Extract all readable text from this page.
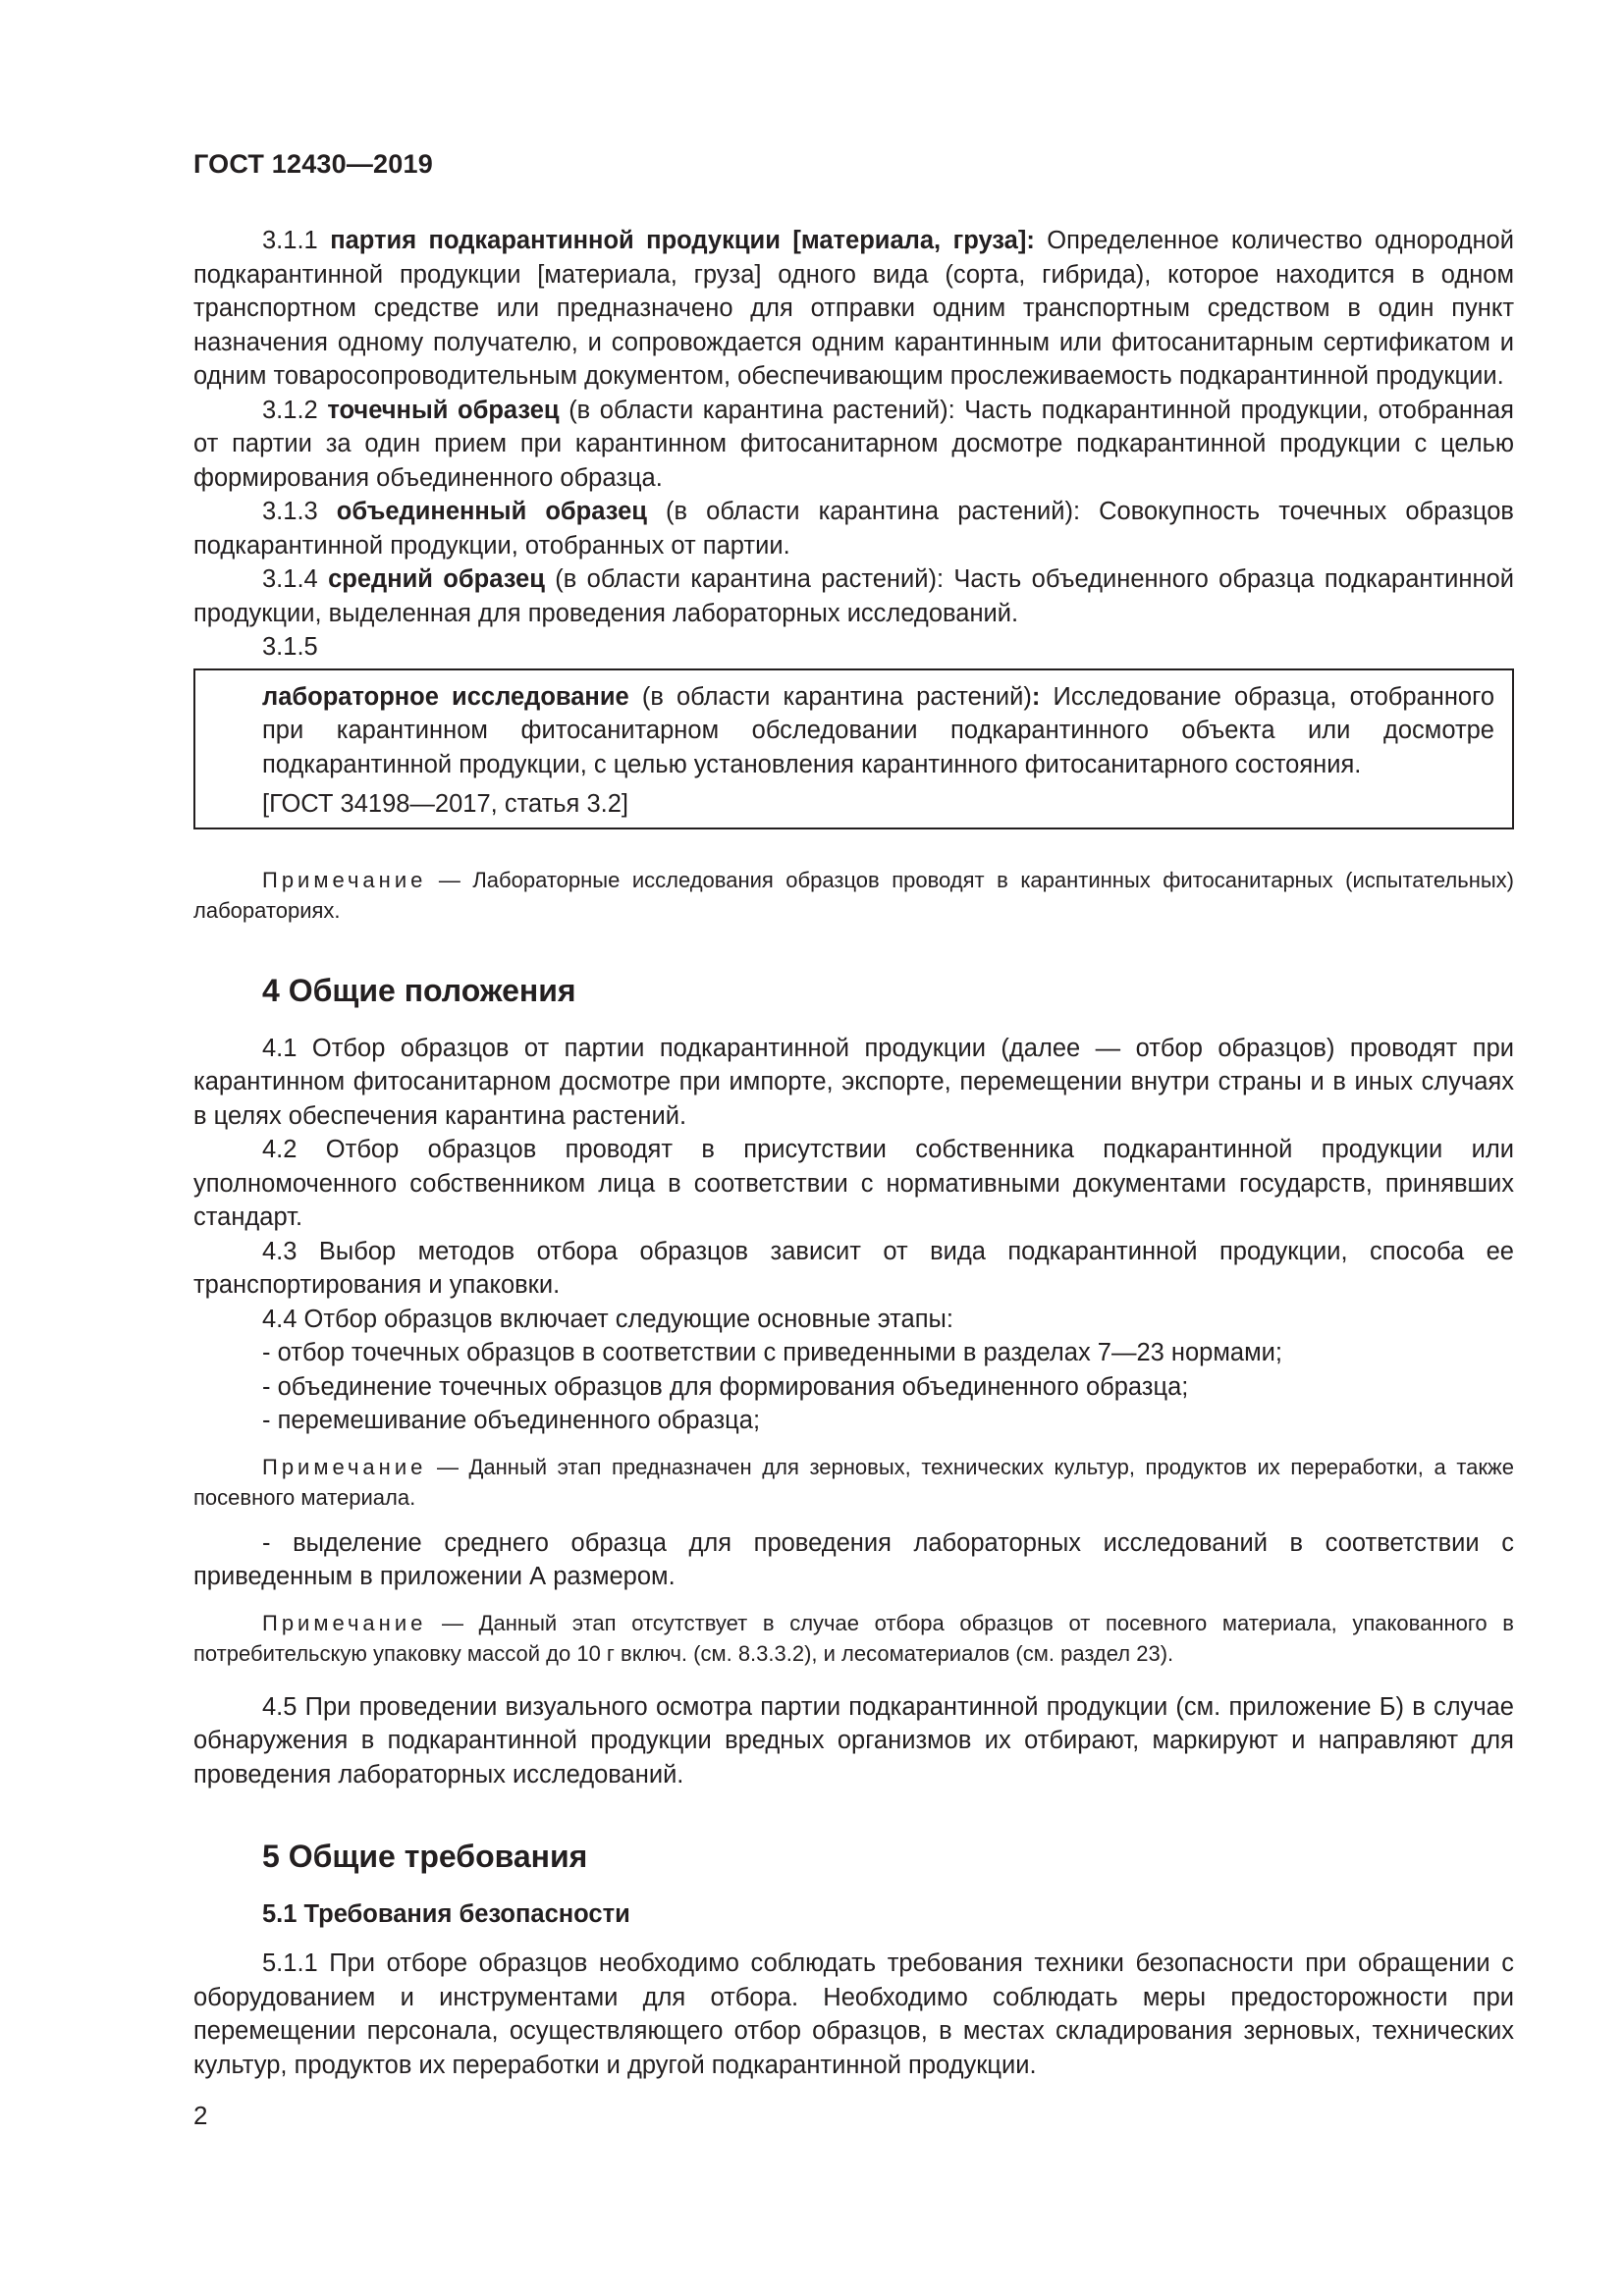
ГОСТ 12430—2019

3.1.1 партия подкарантинной продукции [материала, груза]: Определенное количество однородной подкарантинной продукции [материала, груза] одного вида (сорта, гибрида), которое находится в одном транспортном средстве или предназначено для отправки одним транспортным средством в один пункт назначения одному получателю, и сопровождается одним карантинным или фитосанитарным сертификатом и одним товаросопроводительным документом, обеспечивающим прослеживаемость подкарантинной продукции.

3.1.2 точечный образец (в области карантина растений): Часть подкарантинной продукции, отобранная от партии за один прием при карантинном фитосанитарном досмотре подкарантинной продукции с целью формирования объединенного образца.

3.1.3 объединенный образец (в области карантина растений): Совокупность точечных образцов подкарантинной продукции, отобранных от партии.

3.1.4 средний образец (в области карантина растений): Часть объединенного образца подкарантинной продукции, выделенная для проведения лабораторных исследований.

3.1.5

лабораторное исследование (в области карантина растений): Исследование образца, отобранного при карантинном фитосанитарном обследовании подкарантинного объекта или досмотре подкарантинной продукции, с целью установления карантинного фитосанитарного состояния.

[ГОСТ 34198—2017, статья 3.2]

Примечание — Лабораторные исследования образцов проводят в карантинных фитосанитарных (испытательных) лабораториях.

4 Общие положения

4.1 Отбор образцов от партии подкарантинной продукции (далее — отбор образцов) проводят при карантинном фитосанитарном досмотре при импорте, экспорте, перемещении внутри страны и в иных случаях в целях обеспечения карантина растений.

4.2 Отбор образцов проводят в присутствии собственника подкарантинной продукции или уполномоченного собственником лица в соответствии с нормативными документами государств, принявших стандарт.

4.3 Выбор методов отбора образцов зависит от вида подкарантинной продукции, способа ее транспортирования и упаковки.

4.4 Отбор образцов включает следующие основные этапы:

- отбор точечных образцов в соответствии с приведенными в разделах 7—23 нормами;

- объединение точечных образцов для формирования объединенного образца;

- перемешивание объединенного образца;

Примечание — Данный этап предназначен для зерновых, технических культур, продуктов их переработки, а также посевного материала.

- выделение среднего образца для проведения лабораторных исследований в соответствии с приведенным в приложении А размером.

Примечание — Данный этап отсутствует в случае отбора образцов от посевного материала, упакованного в потребительскую упаковку массой до 10 г включ. (см. 8.3.3.2), и лесоматериалов (см. раздел 23).

4.5 При проведении визуального осмотра партии подкарантинной продукции (см. приложение Б) в случае обнаружения в подкарантинной продукции вредных организмов их отбирают, маркируют и направляют для проведения лабораторных исследований.

5 Общие требования
5.1 Требования безопасности

5.1.1 При отборе образцов необходимо соблюдать требования техники безопасности при обращении с оборудованием и инструментами для отбора. Необходимо соблюдать меры предосторожности при перемещении персонала, осуществляющего отбор образцов, в местах складирования зерновых, технических культур, продуктов их переработки и другой подкарантинной продукции.

2
